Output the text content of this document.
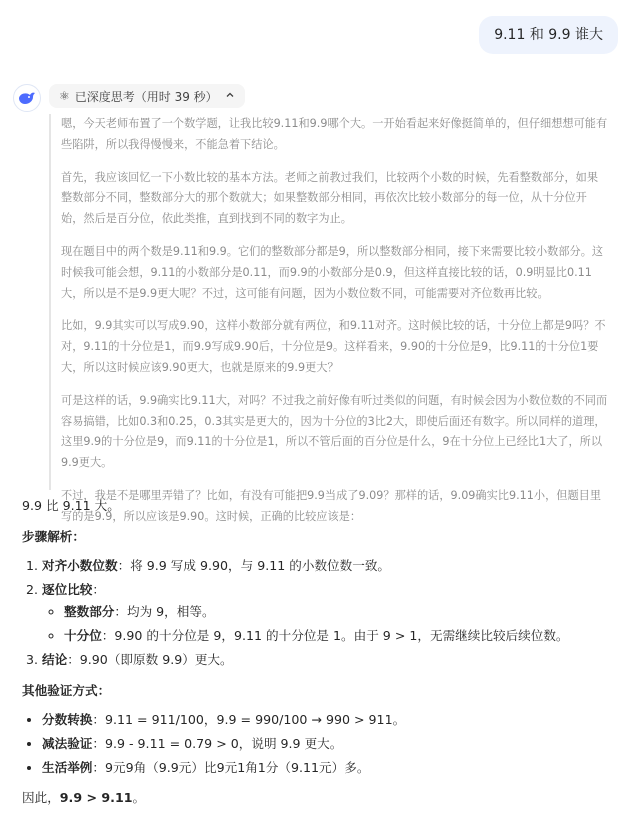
9.11 和 9.9 谁大
⚛ 已深度思考（用时 39 秒）

嗯，今天老师布置了一个数学题，让我比较9.11和9.9哪个大。一开始看起来好像挺简单的，但仔细想想可能有些陷阱，所以我得慢慢来，不能急着下结论。

首先，我应该回忆一下小数比较的基本方法。老师之前教过我们，比较两个小数的时候，先看整数部分，如果整数部分不同，整数部分大的那个数就大；如果整数部分相同，再依次比较小数部分的每一位，从十分位开始，然后是百分位，依此类推，直到找到不同的数字为止。

现在题目中的两个数是9.11和9.9。它们的整数部分都是9，所以整数部分相同，接下来需要比较小数部分。这时候我可能会想，9.11的小数部分是0.11，而9.9的小数部分是0.9，但这样直接比较的话，0.9明显比0.11大，所以是不是9.9更大呢？不过，这可能有问题，因为小数位数不同，可能需要对齐位数再比较。

比如，9.9其实可以写成9.90，这样小数部分就有两位，和9.11对齐。这时候比较的话，十分位上都是9吗？不对，9.11的十分位是1，而9.9写成9.90后，十分位是9。这样看来，9.90的十分位是9，比9.11的十分位1要大，所以这时候应该9.90更大，也就是原来的9.9更大？

可是这样的话，9.9确实比9.11大，对吗？不过我之前好像有听过类似的问题，有时候会因为小数位数的不同而容易搞错，比如0.3和0.25，0.3其实是更大的，因为十分位的3比2大，即使后面还有数字。所以同样的道理，这里9.9的十分位是9，而9.11的十分位是1，所以不管后面的百分位是什么，9在十分位上已经比1大了，所以9.9更大。

不过，我是不是哪里弄错了？比如，有没有可能把9.9当成了9.09？那样的话，9.09确实比9.11小，但题目里写的是9.9，所以应该是9.90。这时候，正确的比较应该是：

9.9 比 9.11 大。

步骤解析：
1. 对齐小数位数：将 9.9 写成 9.90，与 9.11 的小数位数一致。
2. 逐位比较：
◦ 整数部分：均为 9，相等。
◦ 十分位：9.90 的十分位是 9，9.11 的十分位是 1。由于 9 > 1，无需继续比较后续位数。
3. 结论：9.90（即原数 9.9）更大。
其他验证方式：
• 分数转换：9.11 = 911/100，9.9 = 990/100 → 990 > 911。
• 减法验证：9.9 - 9.11 = 0.79 > 0，说明 9.9 更大。
• 生活举例：9元9角（9.9元）比9元1角1分（9.11元）多。

因此，9.9 > 9.11。
